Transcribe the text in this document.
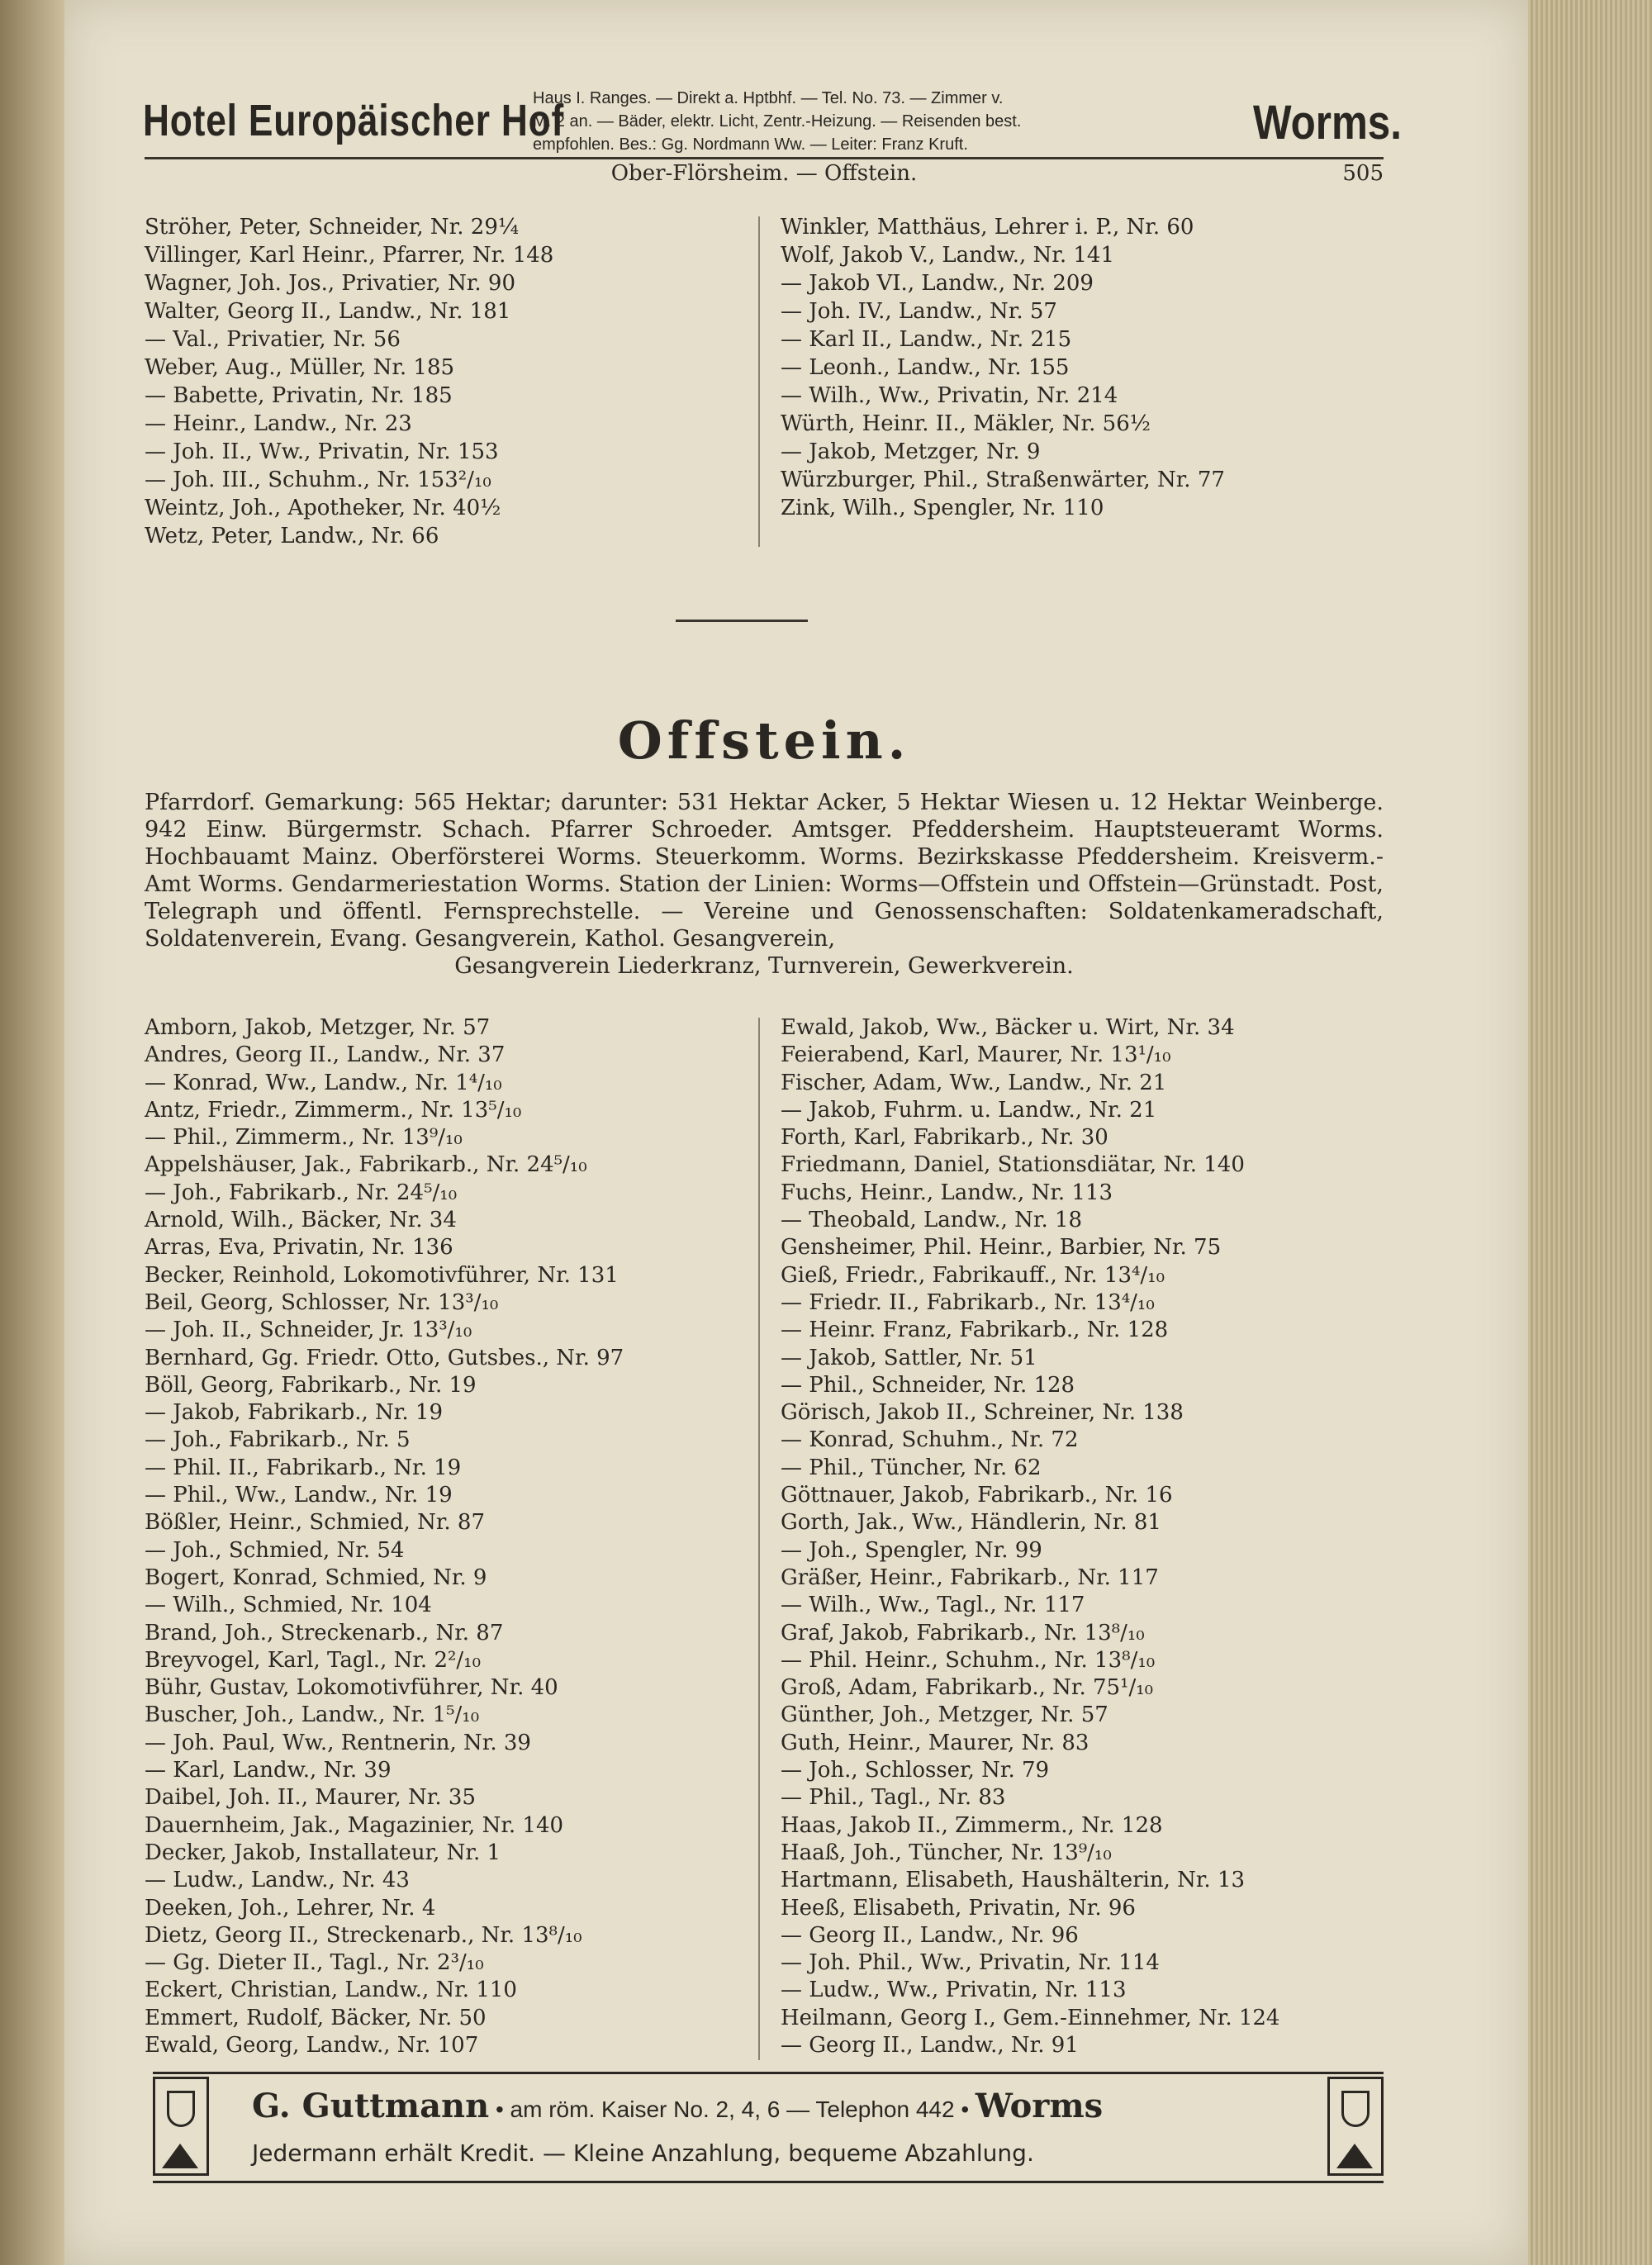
Hotel Europäischer Hof
Haus I. Ranges. — Direkt a. Hptbhf. — Tel. No. 73. — Zimmer v.
M. 2 an. — Bäder, elektr. Licht, Zentr.-Heizung. — Reisenden best.
empfohlen. Bes.: Gg. Nordmann Ww. — Leiter: Franz Kruft.	Worms.
Ober-Flörsheim. — Offstein.	505
Ströher, Peter, Schneider, Nr. 29¼
Villinger, Karl Heinr., Pfarrer, Nr. 148
Wagner, Joh. Jos., Privatier, Nr. 90
Walter, Georg II., Landw., Nr. 181
— Val., Privatier, Nr. 56
Weber, Aug., Müller, Nr. 185
— Babette, Privatin, Nr. 185
— Heinr., Landw., Nr. 23
— Joh. II., Ww., Privatin, Nr. 153
— Joh. III., Schuhm., Nr. 153²/₁₀
Weintz, Joh., Apotheker, Nr. 40½
Wetz, Peter, Landw., Nr. 66
Winkler, Matthäus, Lehrer i. P., Nr. 60
Wolf, Jakob V., Landw., Nr. 141
— Jakob VI., Landw., Nr. 209
— Joh. IV., Landw., Nr. 57
— Karl II., Landw., Nr. 215
— Leonh., Landw., Nr. 155
— Wilh., Ww., Privatin, Nr. 214
Würth, Heinr. II., Mäkler, Nr. 56½
— Jakob, Metzger, Nr. 9
Würzburger, Phil., Straßenwärter, Nr. 77
Zink, Wilh., Spengler, Nr. 110
Offstein.
Pfarrdorf. Gemarkung: 565 Hektar; darunter: 531 Hektar Acker, 5 Hektar Wiesen u. 12 Hektar Weinberge. 942 Einw. Bürgermstr. Schach. Pfarrer Schroeder. Amtsger. Pfeddersheim. Hauptsteueramt Worms. Hochbauamt Mainz. Oberförsterei Worms. Steuerkomm. Worms. Bezirkskasse Pfeddersheim. Kreisverm.-Amt Worms. Gendarmeriestation Worms. Station der Linien: Worms—Offstein und Offstein—Grünstadt. Post, Telegraph und öffentl. Fernsprechstelle. — Vereine und Genossenschaften: Soldatenkameradschaft, Soldatenverein, Evang. Gesangverein, Kathol. Gesangverein,
Gesangverein Liederkranz, Turnverein, Gewerkverein.
Amborn, Jakob, Metzger, Nr. 57
Andres, Georg II., Landw., Nr. 37
— Konrad, Ww., Landw., Nr. 1⁴/₁₀
Antz, Friedr., Zimmerm., Nr. 13⁵/₁₀
— Phil., Zimmerm., Nr. 13⁹/₁₀
Appelshäuser, Jak., Fabrikarb., Nr. 24⁵/₁₀
— Joh., Fabrikarb., Nr. 24⁵/₁₀
Arnold, Wilh., Bäcker, Nr. 34
Arras, Eva, Privatin, Nr. 136
Becker, Reinhold, Lokomotivführer, Nr. 131
Beil, Georg, Schlosser, Nr. 13³/₁₀
— Joh. II., Schneider, Jr. 13³/₁₀
Bernhard, Gg. Friedr. Otto, Gutsbes., Nr. 97
Böll, Georg, Fabrikarb., Nr. 19
— Jakob, Fabrikarb., Nr. 19
— Joh., Fabrikarb., Nr. 5
— Phil. II., Fabrikarb., Nr. 19
— Phil., Ww., Landw., Nr. 19
Bößler, Heinr., Schmied, Nr. 87
— Joh., Schmied, Nr. 54
Bogert, Konrad, Schmied, Nr. 9
— Wilh., Schmied, Nr. 104
Brand, Joh., Streckenarb., Nr. 87
Breyvogel, Karl, Tagl., Nr. 2²/₁₀
Bühr, Gustav, Lokomotivführer, Nr. 40
Buscher, Joh., Landw., Nr. 1⁵/₁₀
— Joh. Paul, Ww., Rentnerin, Nr. 39
— Karl, Landw., Nr. 39
Daibel, Joh. II., Maurer, Nr. 35
Dauernheim, Jak., Magazinier, Nr. 140
Decker, Jakob, Installateur, Nr. 1
— Ludw., Landw., Nr. 43
Deeken, Joh., Lehrer, Nr. 4
Dietz, Georg II., Streckenarb., Nr. 13⁸/₁₀
— Gg. Dieter II., Tagl., Nr. 2³/₁₀
Eckert, Christian, Landw., Nr. 110
Emmert, Rudolf, Bäcker, Nr. 50
Ewald, Georg, Landw., Nr. 107
Ewald, Jakob, Ww., Bäcker u. Wirt, Nr. 34
Feierabend, Karl, Maurer, Nr. 13¹/₁₀
Fischer, Adam, Ww., Landw., Nr. 21
— Jakob, Fuhrm. u. Landw., Nr. 21
Forth, Karl, Fabrikarb., Nr. 30
Friedmann, Daniel, Stationsdiätar, Nr. 140
Fuchs, Heinr., Landw., Nr. 113
— Theobald, Landw., Nr. 18
Gensheimer, Phil. Heinr., Barbier, Nr. 75
Gieß, Friedr., Fabrikauff., Nr. 13⁴/₁₀
— Friedr. II., Fabrikarb., Nr. 13⁴/₁₀
— Heinr. Franz, Fabrikarb., Nr. 128
— Jakob, Sattler, Nr. 51
— Phil., Schneider, Nr. 128
Görisch, Jakob II., Schreiner, Nr. 138
— Konrad, Schuhm., Nr. 72
— Phil., Tüncher, Nr. 62
Göttnauer, Jakob, Fabrikarb., Nr. 16
Gorth, Jak., Ww., Händlerin, Nr. 81
— Joh., Spengler, Nr. 99
Gräßer, Heinr., Fabrikarb., Nr. 117
— Wilh., Ww., Tagl., Nr. 117
Graf, Jakob, Fabrikarb., Nr. 13⁸/₁₀
— Phil. Heinr., Schuhm., Nr. 13⁸/₁₀
Groß, Adam, Fabrikarb., Nr. 75¹/₁₀
Günther, Joh., Metzger, Nr. 57
Guth, Heinr., Maurer, Nr. 83
— Joh., Schlosser, Nr. 79
— Phil., Tagl., Nr. 83
Haas, Jakob II., Zimmerm., Nr. 128
Haaß, Joh., Tüncher, Nr. 13⁹/₁₀
Hartmann, Elisabeth, Haushälterin, Nr. 13
Heeß, Elisabeth, Privatin, Nr. 96
— Georg II., Landw., Nr. 96
— Joh. Phil., Ww., Privatin, Nr. 114
— Ludw., Ww., Privatin, Nr. 113
Heilmann, Georg I., Gem.-Einnehmer, Nr. 124
— Georg II., Landw., Nr. 91
G. Guttmann • am röm. Kaiser No. 2, 4, 6 — Telephon 442 • Worms
Jedermann erhält Kredit. — Kleine Anzahlung, bequeme Abzahlung.
